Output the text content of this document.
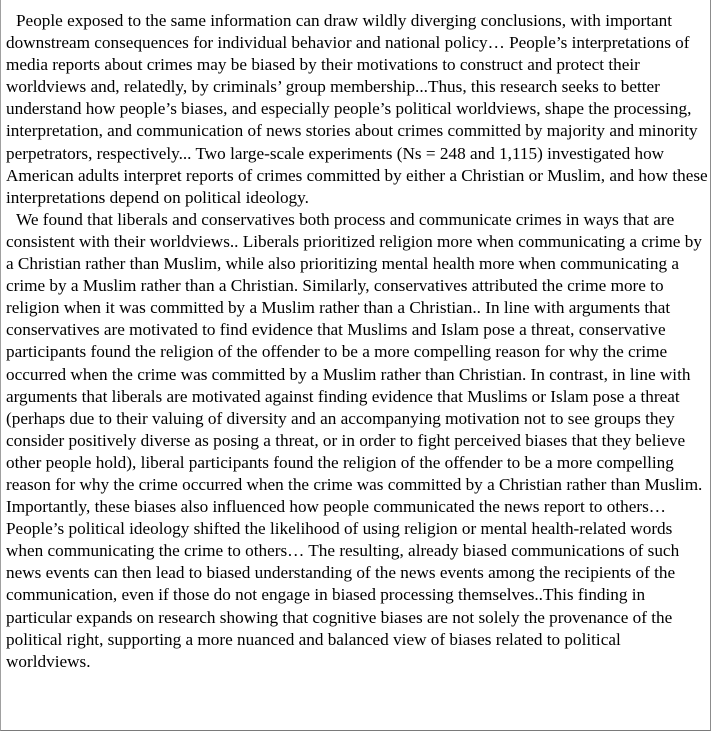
People exposed to the same information can draw wildly diverging conclusions, with important downstream consequences for individual behavior and national policy… People’s interpretations of media reports about crimes may be biased by their motivations to construct and protect their worldviews and, relatedly, by criminals’ group membership...Thus, this research seeks to better understand how people’s biases, and especially people’s political worldviews, shape the processing, interpretation, and communication of news stories about crimes committed by majority and minority perpetrators, respectively... Two large-scale experiments (Ns = 248 and 1,115) investigated how American adults interpret reports of crimes committed by either a Christian or Muslim, and how these interpretations depend on political ideology.

We found that liberals and conservatives both process and communicate crimes in ways that are consistent with their worldviews.. Liberals prioritized religion more when communicating a crime by a Christian rather than Muslim, while also prioritizing mental health more when communicating a crime by a Muslim rather than a Christian. Similarly, conservatives attributed the crime more to religion when it was committed by a Muslim rather than a Christian.. In line with arguments that conservatives are motivated to find evidence that Muslims and Islam pose a threat, conservative participants found the religion of the offender to be a more compelling reason for why the crime occurred when the crime was committed by a Muslim rather than Christian. In contrast, in line with arguments that liberals are motivated against finding evidence that Muslims or Islam pose a threat (perhaps due to their valuing of diversity and an accompanying motivation not to see groups they consider positively diverse as posing a threat, or in order to fight perceived biases that they believe other people hold), liberal participants found the religion of the offender to be a more compelling reason for why the crime occurred when the crime was committed by a Christian rather than Muslim. Importantly, these biases also influenced how people communicated the news report to others…People’s political ideology shifted the likelihood of using religion or mental health-related words when communicating the crime to others… The resulting, already biased communications of such news events can then lead to biased understanding of the news events among the recipients of the communication, even if those do not engage in biased processing themselves..This finding in particular expands on research showing that cognitive biases are not solely the provenance of the political right, supporting a more nuanced and balanced view of biases related to political worldviews.
